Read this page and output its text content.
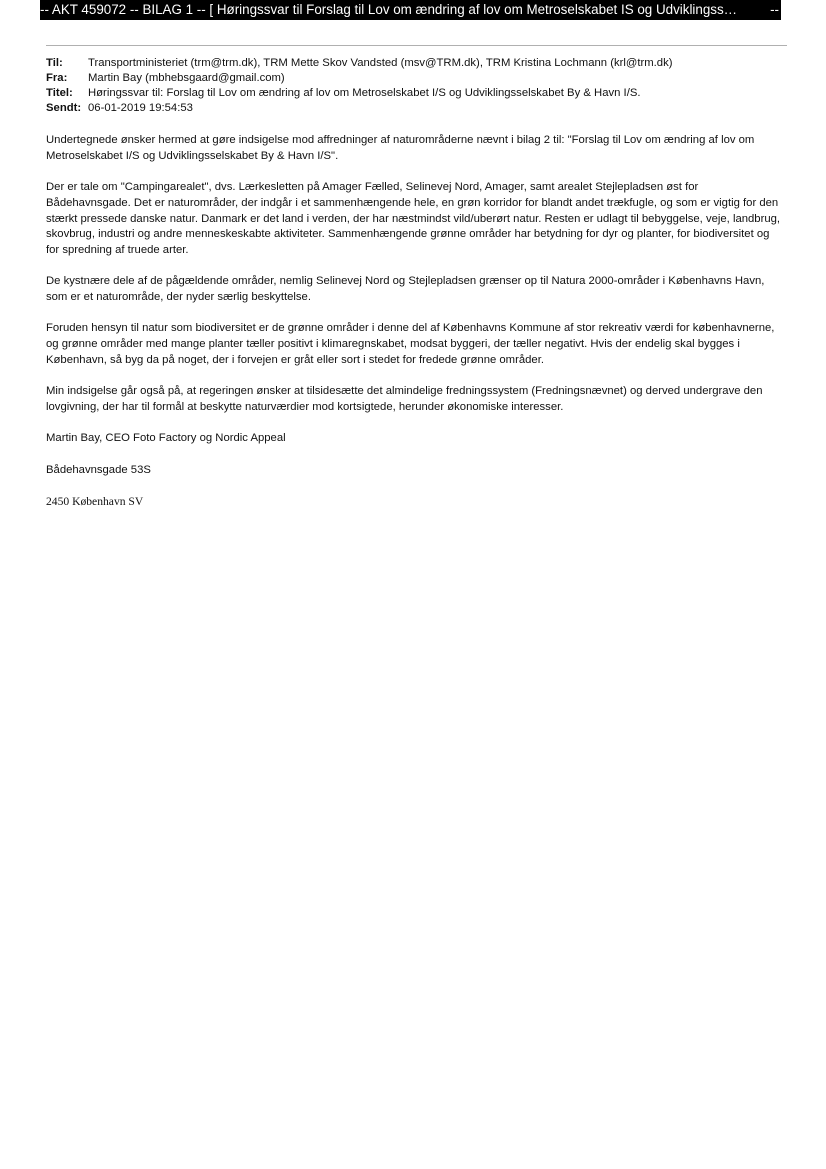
-- AKT 459072 -- BILAG 1 -- [ Høringssvar til Forslag til Lov om ændring af lov om Metroselskabet IS og Udviklingss…	--
Til:	Transportministeriet (trm@trm.dk), TRM Mette Skov Vandsted (msv@TRM.dk), TRM Kristina Lochmann (krl@trm.dk)
Fra:	Martin Bay (mbhebsgaard@gmail.com)
Titel:	Høringssvar til: Forslag til Lov om ændring af lov om Metroselskabet I/S og Udviklingsselskabet By & Havn I/S.
Sendt: 06-01-2019 19:54:53

Undertegnede ønsker hermed at gøre indsigelse mod affredninger af naturområderne nævnt i bilag 2 til: "Forslag til Lov om ændring af lov om Metroselskabet I/S og Udviklingsselskabet By & Havn I/S".

Der er tale om "Campingarealet", dvs. Lærkesletten på Amager Fælled, Selinevej Nord, Amager, samt arealet Stejlepladsen øst for Bådehavnsgade. Det er naturområder, der indgår i et sammenhængende hele, en grøn korridor for blandt andet trækfugle, og som er vigtig for den stærkt pressede danske natur. Danmark er det land i verden, der har næstmindst vild/uberørt natur. Resten er udlagt til bebyggelse, veje, landbrug, skovbrug, industri og andre menneskeskabte aktiviteter. Sammenhængende grønne områder har betydning for dyr og planter, for biodiversitet og for spredning af truede arter.

De kystnære dele af de pågældende områder, nemlig Selinevej Nord og Stejlepladsen grænser op til Natura 2000-områder i Københavns Havn, som er et naturområde, der nyder særlig beskyttelse.

Foruden hensyn til natur som biodiversitet er de grønne områder i denne del af Københavns Kommune af stor rekreativ værdi for københavnerne, og grønne områder med mange planter tæller positivt i klimaregnskabet, modsat byggeri, der tæller negativt. Hvis der endelig skal bygges i København, så byg da på noget, der i forvejen er gråt eller sort i stedet for fredede grønne områder.

Min indsigelse går også på, at regeringen ønsker at tilsidesætte det almindelige fredningssystem (Fredningsnævnet) og derved undergrave den lovgivning, der har til formål at beskytte naturværdier mod kortsigtede, herunder økonomiske interesser.

Martin Bay, CEO Foto Factory og Nordic Appeal

Bådehavnsgade 53S

2450 København SV
